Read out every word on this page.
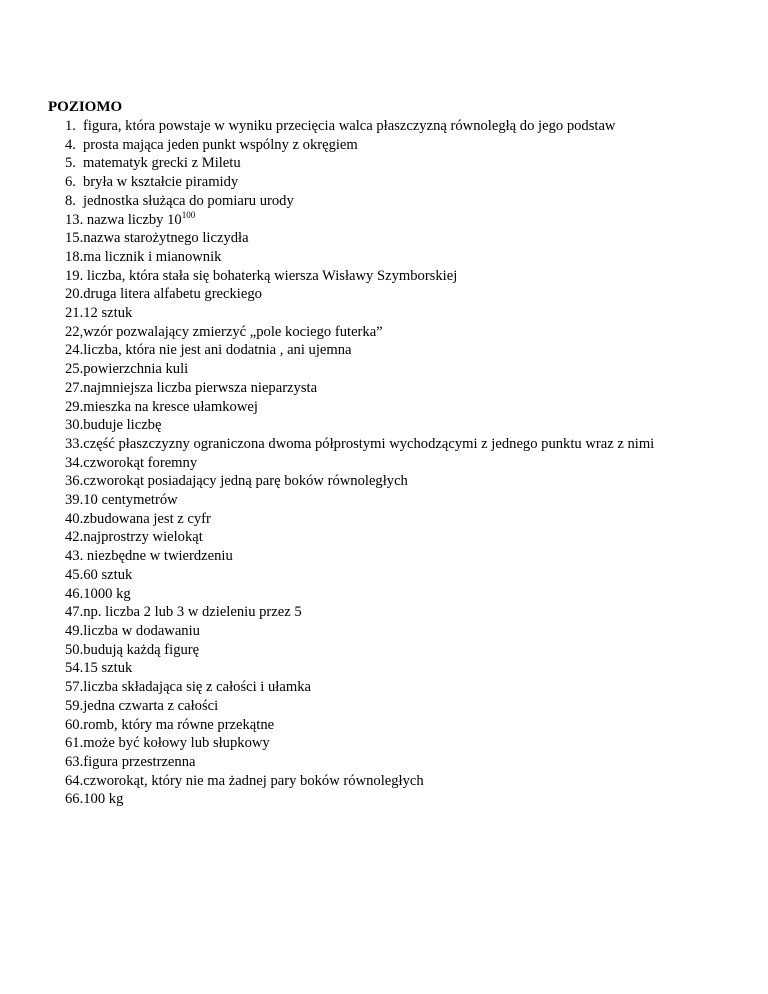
POZIOMO
1. figura, która powstaje w wyniku przecięcia walca płaszczyzną równoległą do jego podstaw
4. prosta mająca jeden punkt wspólny z okręgiem
5. matematyk grecki z Miletu
6. bryła w kształcie piramidy
8. jednostka służąca do pomiaru urody
13. nazwa liczby $10^{100}$
15.nazwa starożytnego liczydła
18.ma licznik i mianownik
19. liczba, która stała się bohaterką wiersza Wisławy Szymborskiej
20.druga litera alfabetu greckiego
21.12 sztuk
22,wzór pozwalający zmierzyć „pole kociego futerka”
24.liczba, która nie jest ani dodatnia , ani ujemna
25.powierzchnia kuli
27.najmniejsza liczba pierwsza nieparzysta
29.mieszka na kresce ułamkowej
30.buduje liczbę
33.część płaszczyzny ograniczona dwoma półprostymi wychodzącymi z jednego punktu wraz z nimi
34.czworokąt foremny
36.czworokąt posiadający jedną parę boków równoległych
39.10 centymetrów
40.zbudowana jest z cyfr
42.najprostrzy wielokąt
43. niezbędne w twierdzeniu
45.60 sztuk
46.1000 kg
47.np. liczba 2 lub 3 w dzieleniu przez 5
49.liczba w dodawaniu
50.budują każdą figurę
54.15 sztuk
57.liczba składająca się z całości i ułamka
59.jedna czwarta z całości
60.romb, który ma równe przekątne
61.może być kołowy lub słupkowy
63.figura przestrzenna
64.czworokąt, który nie ma żadnej pary boków równoległych
66.100 kg
